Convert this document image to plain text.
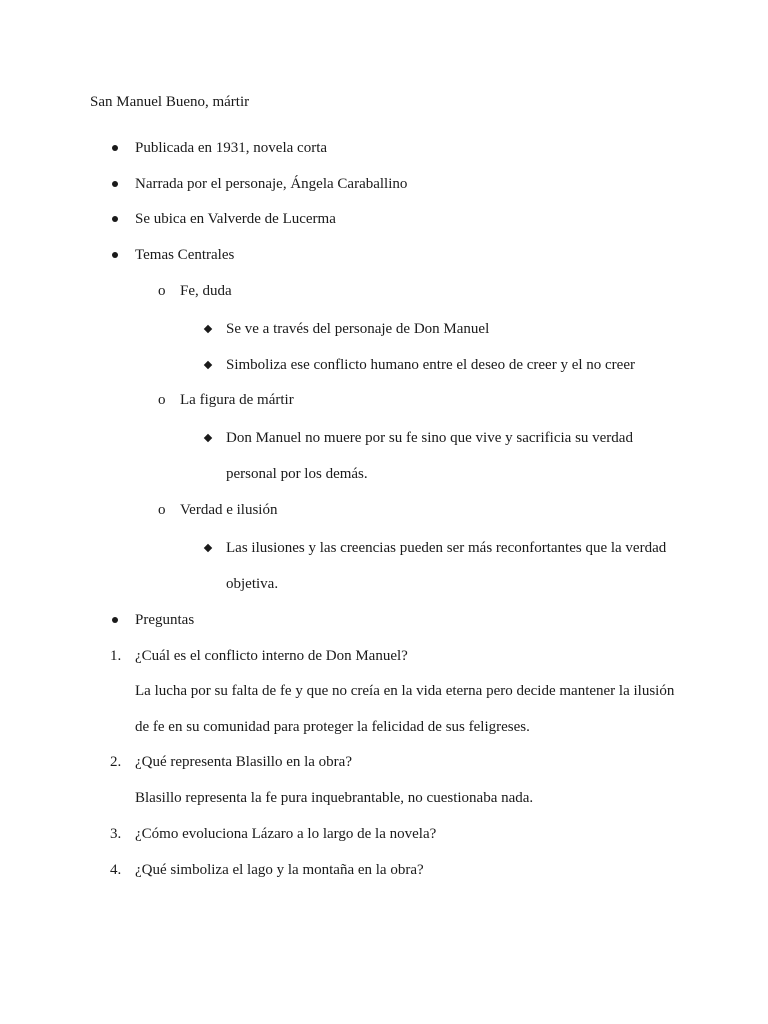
San Manuel Bueno, mártir
Publicada en 1931, novela corta
Narrada por el personaje, Ángela Caraballino
Se ubica en Valverde de Lucerma
Temas Centrales
o Fe, duda
Se ve a través del personaje de Don Manuel
Simboliza ese conflicto humano entre el deseo de creer y el no creer
o La figura de mártir
Don Manuel no muere por su fe sino que vive y sacrificia su verdad
personal por los demás.
o Verdad e ilusión
Las ilusiones y las creencias pueden ser más reconfortantes que la verdad
objetiva.
Preguntas
1. ¿Cuál es el conflicto interno de Don Manuel?
La lucha por su falta de fe y que no creía en la vida eterna pero decide mantener la ilusión
de fe en su comunidad para proteger la felicidad de sus feligreses.
2. ¿Qué representa Blasillo en la obra?
Blasillo representa la fe pura inquebrantable, no cuestionaba nada.
3. ¿Cómo evoluciona Lázaro a lo largo de la novela?
4. ¿Qué simboliza el lago y la montaña en la obra?
